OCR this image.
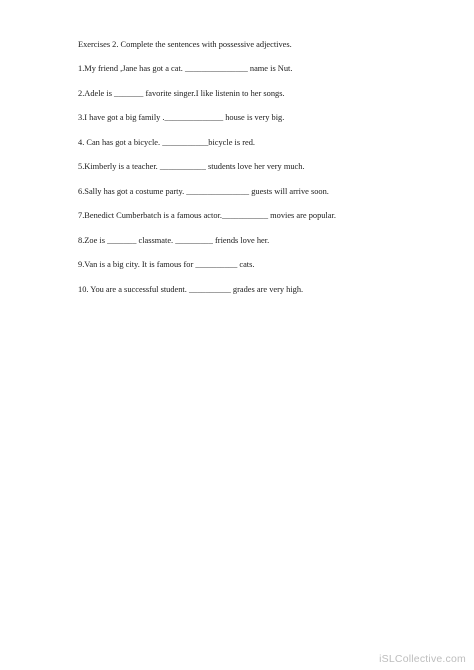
Exercises 2. Complete the sentences with possessive adjectives.

1.My friend ,Jane has got a cat. _______________ name is Nut.
2.Adele is _______ favorite singer.I like listenin to her songs.
3.I have got a big family .______________ house is very big.
4. Can has got a bicycle. ___________bicycle is red.
5.Kimberly is a teacher. ___________ students love her very much.
6.Sally has got a costume party. _______________ guests will arrive soon.
7.Benedict Cumberbatch is a famous actor.___________ movies are popular.
8.Zoe is _______ classmate. _________ friends love her.
9.Van is a big city. It is famous for __________ cats.
10. You are a successful student. __________ grades are very high.
iSLCollective.com
